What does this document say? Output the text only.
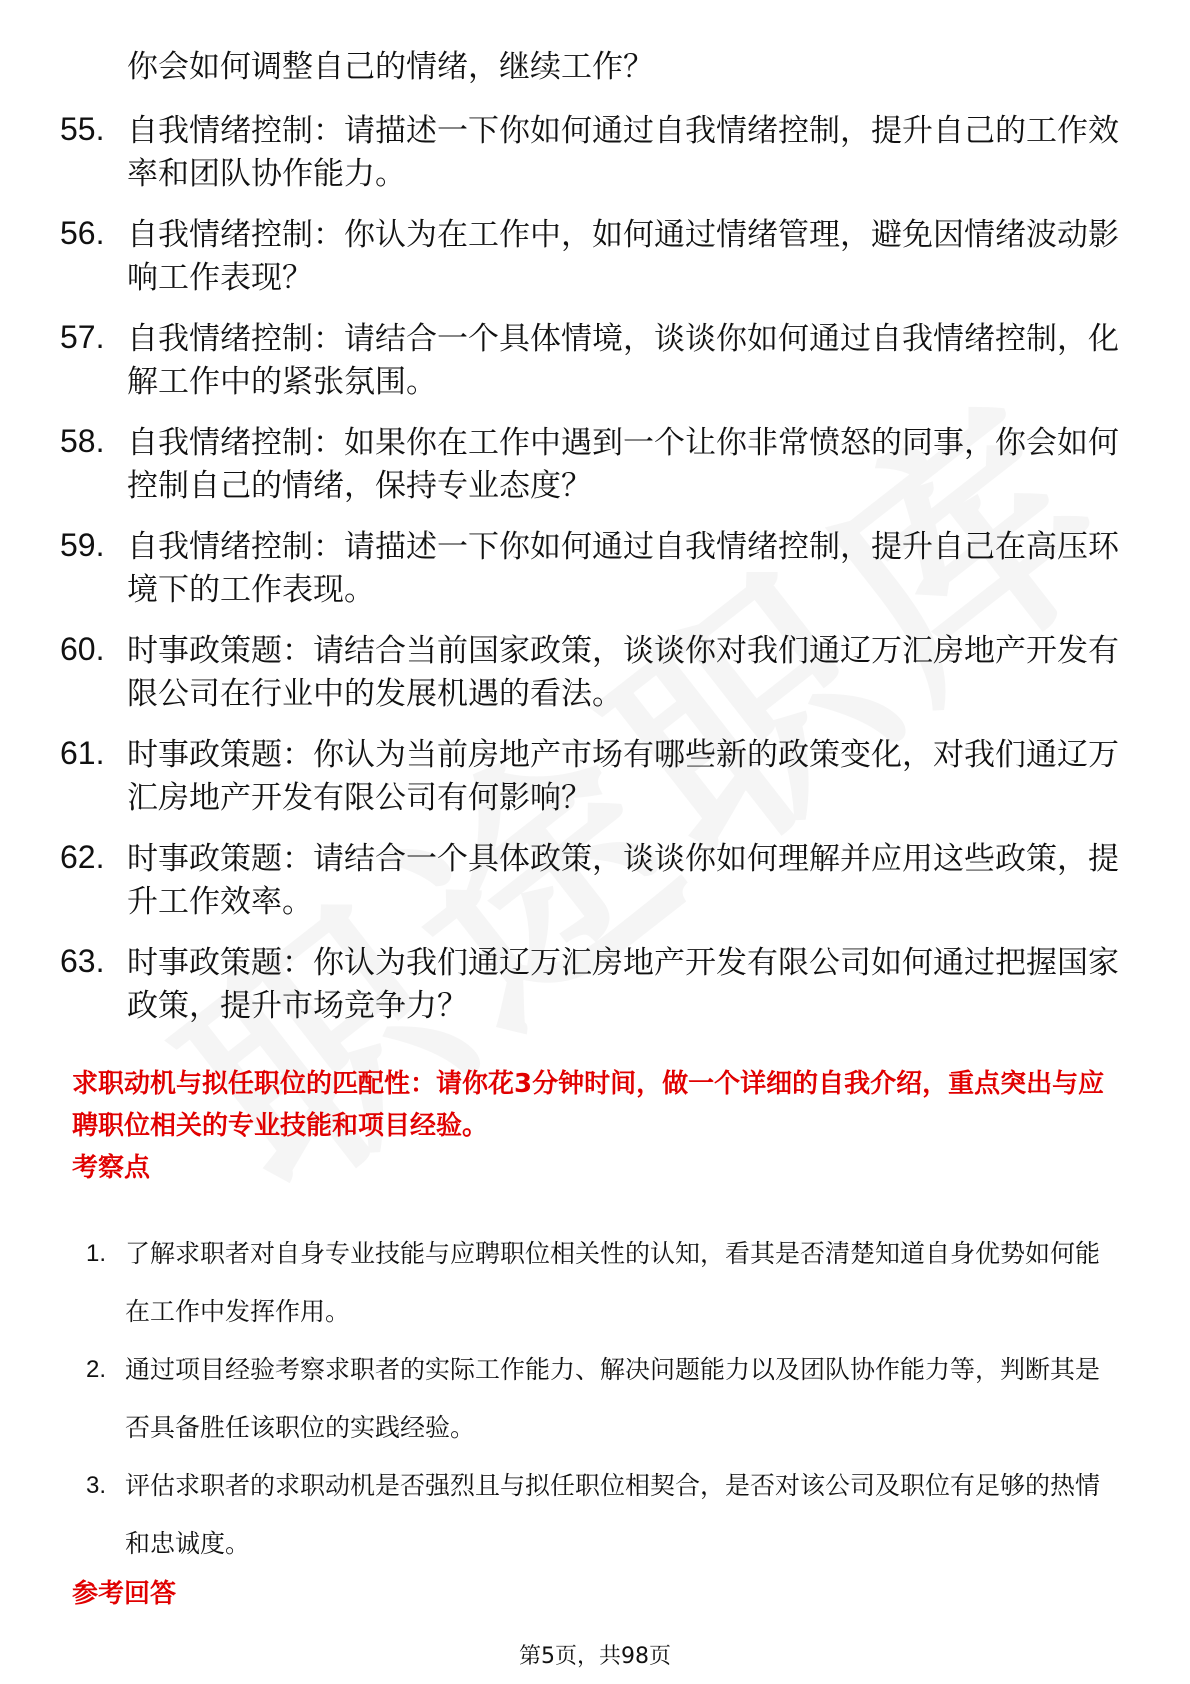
你会如何调整自己的情绪，继续工作？
55. 自我情绪控制：请描述一下你如何通过自我情绪控制，提升自己的工作效率和团队协作能力。
56. 自我情绪控制：你认为在工作中，如何通过情绪管理，避免因情绪波动影响工作表现？
57. 自我情绪控制：请结合一个具体情境，谈谈你如何通过自我情绪控制，化解工作中的紧张氛围。
58. 自我情绪控制：如果你在工作中遇到一个让你非常愤怒的同事，你会如何控制自己的情绪，保持专业态度？
59. 自我情绪控制：请描述一下你如何通过自我情绪控制，提升自己在高压环境下的工作表现。
60. 时事政策题：请结合当前国家政策，谈谈你对我们通辽万汇房地产开发有限公司在行业中的发展机遇的看法。
61. 时事政策题：你认为当前房地产市场有哪些新的政策变化，对我们通辽万汇房地产开发有限公司有何影响？
62. 时事政策题：请结合一个具体政策，谈谈你如何理解并应用这些政策，提升工作效率。
63. 时事政策题：你认为我们通辽万汇房地产开发有限公司如何通过把握国家政策，提升市场竞争力？
求职动机与拟任职位的匹配性：请你花3分钟时间，做一个详细的自我介绍，重点突出与应聘职位相关的专业技能和项目经验。
考察点
1. 了解求职者对自身专业技能与应聘职位相关性的认知，看其是否清楚知道自身优势如何能在工作中发挥作用。
2. 通过项目经验考察求职者的实际工作能力、解决问题能力以及团队协作能力等，判断其是否具备胜任该职位的实践经验。
3. 评估求职者的求职动机是否强烈且与拟任职位相契合，是否对该公司及职位有足够的热情和忠诚度。
参考回答
第5页，共98页
